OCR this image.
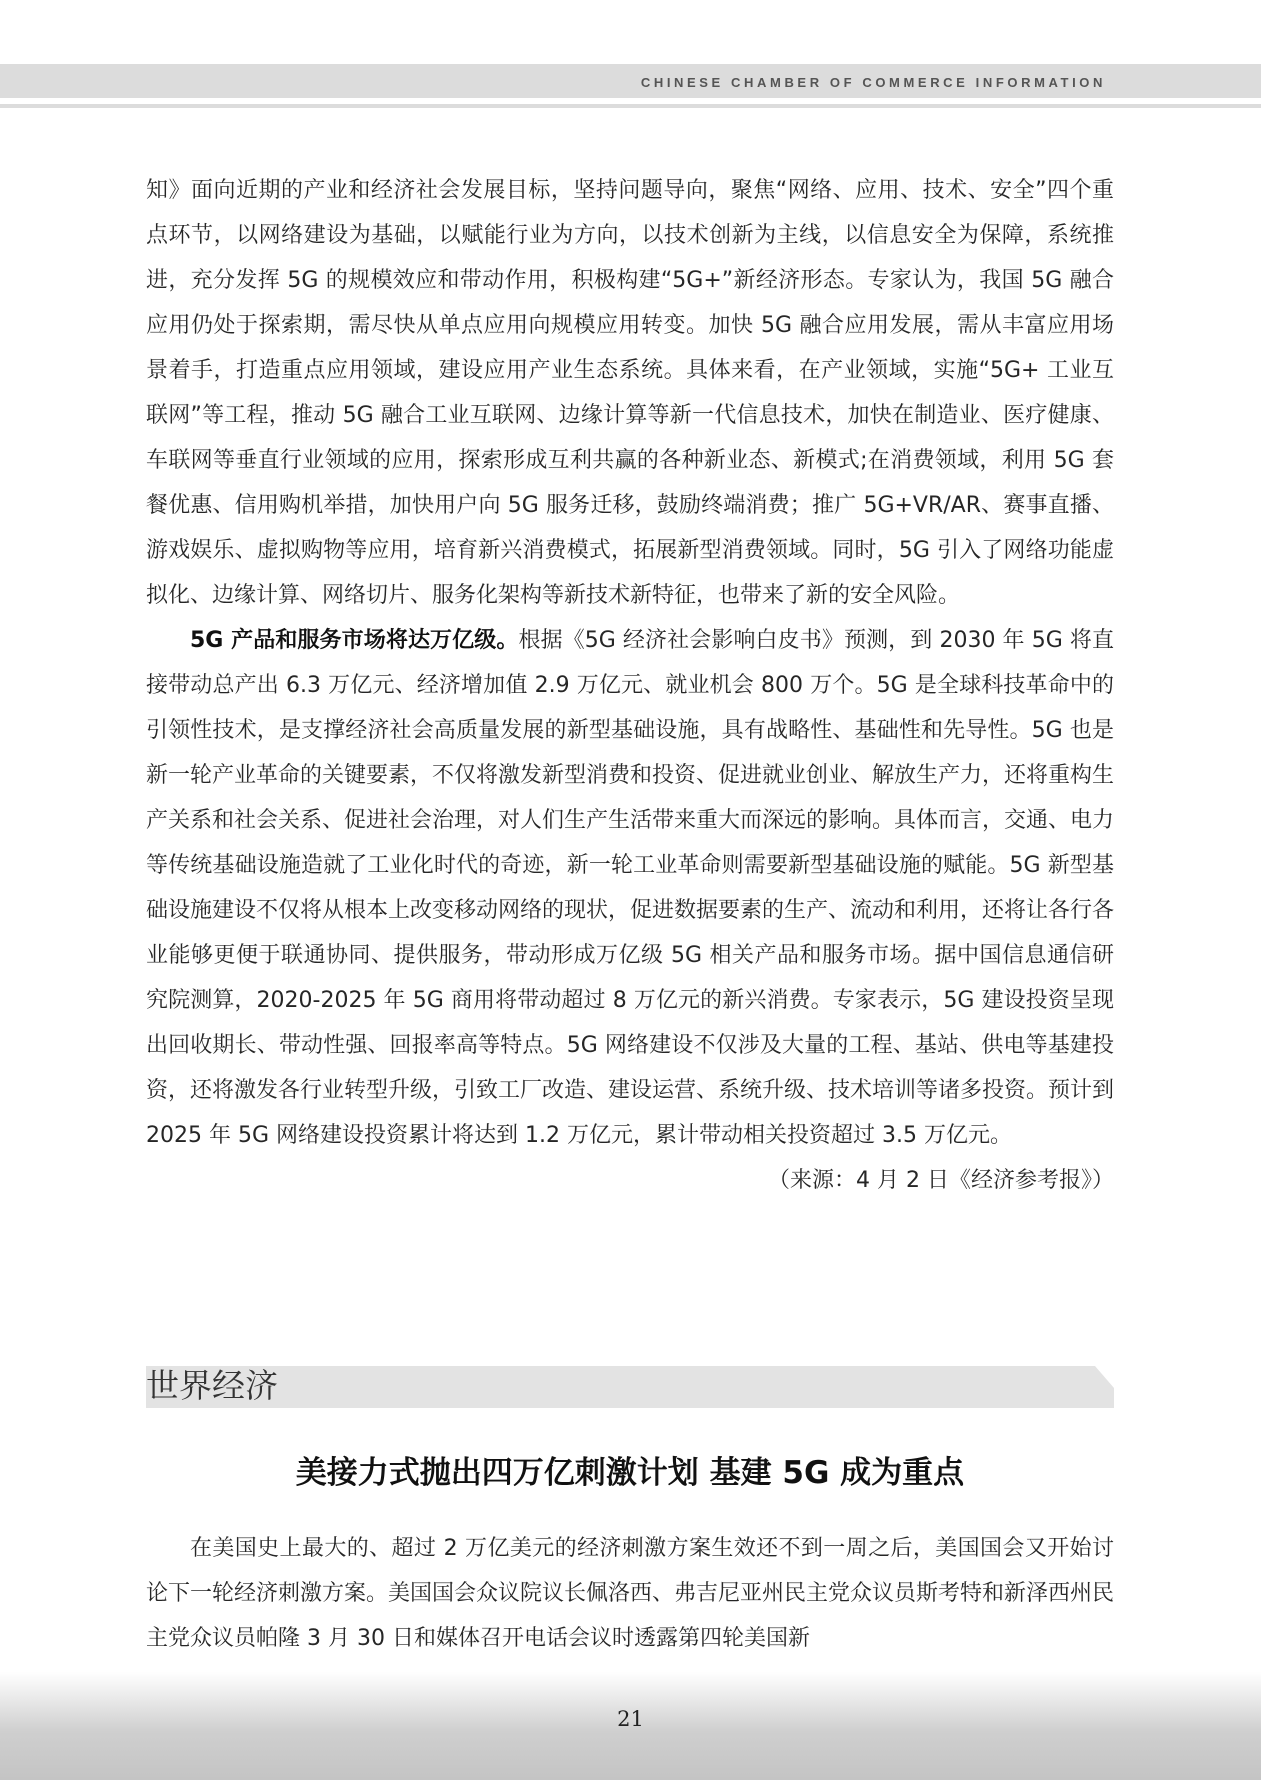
CHINESE CHAMBER OF COMMERCE INFORMATION

知》面向近期的产业和经济社会发展目标，坚持问题导向，聚焦“网络、应用、技术、安全”四个重点环节，以网络建设为基础，以赋能行业为方向，以技术创新为主线，以信息安全为保障，系统推进，充分发挥 5G 的规模效应和带动作用，积极构建“5G+”新经济形态。专家认为，我国 5G 融合应用仍处于探索期，需尽快从单点应用向规模应用转变。加快 5G 融合应用发展，需从丰富应用场景着手，打造重点应用领域，建设应用产业生态系统。具体来看，在产业领域，实施“5G+ 工业互联网”等工程，推动 5G 融合工业互联网、边缘计算等新一代信息技术，加快在制造业、医疗健康、车联网等垂直行业领域的应用，探索形成互利共赢的各种新业态、新模式;在消费领域，利用 5G 套餐优惠、信用购机举措，加快用户向 5G 服务迁移，鼓励终端消费；推广 5G+VR/AR、赛事直播、游戏娱乐、虚拟购物等应用，培育新兴消费模式，拓展新型消费领域。同时，5G 引入了网络功能虚拟化、边缘计算、网络切片、服务化架构等新技术新特征，也带来了新的安全风险。

5G 产品和服务市场将达万亿级。根据《5G 经济社会影响白皮书》预测，到 2030 年 5G 将直接带动总产出 6.3 万亿元、经济增加值 2.9 万亿元、就业机会 800 万个。5G 是全球科技革命中的引领性技术，是支撑经济社会高质量发展的新型基础设施，具有战略性、基础性和先导性。5G 也是新一轮产业革命的关键要素，不仅将激发新型消费和投资、促进就业创业、解放生产力，还将重构生产关系和社会关系、促进社会治理，对人们生产生活带来重大而深远的影响。具体而言，交通、电力等传统基础设施造就了工业化时代的奇迹，新一轮工业革命则需要新型基础设施的赋能。5G 新型基础设施建设不仅将从根本上改变移动网络的现状，促进数据要素的生产、流动和利用，还将让各行各业能够更便于联通协同、提供服务，带动形成万亿级 5G 相关产品和服务市场。据中国信息通信研究院测算，2020-2025 年 5G 商用将带动超过 8 万亿元的新兴消费。专家表示，5G 建设投资呈现出回收期长、带动性强、回报率高等特点。5G 网络建设不仅涉及大量的工程、基站、供电等基建投资，还将激发各行业转型升级，引致工厂改造、建设运营、系统升级、技术培训等诸多投资。预计到 2025 年 5G 网络建设投资累计将达到 1.2 万亿元，累计带动相关投资超过 3.5 万亿元。

（来源：4 月 2 日《经济参考报》）

世界经济
美接力式抛出四万亿刺激计划 基建 5G 成为重点

在美国史上最大的、超过 2 万亿美元的经济刺激方案生效还不到一周之后，美国国会又开始讨论下一轮经济刺激方案。美国国会众议院议长佩洛西、弗吉尼亚州民主党众议员斯考特和新泽西州民主党众议员帕隆 3 月 30 日和媒体召开电话会议时透露第四轮美国新

21
